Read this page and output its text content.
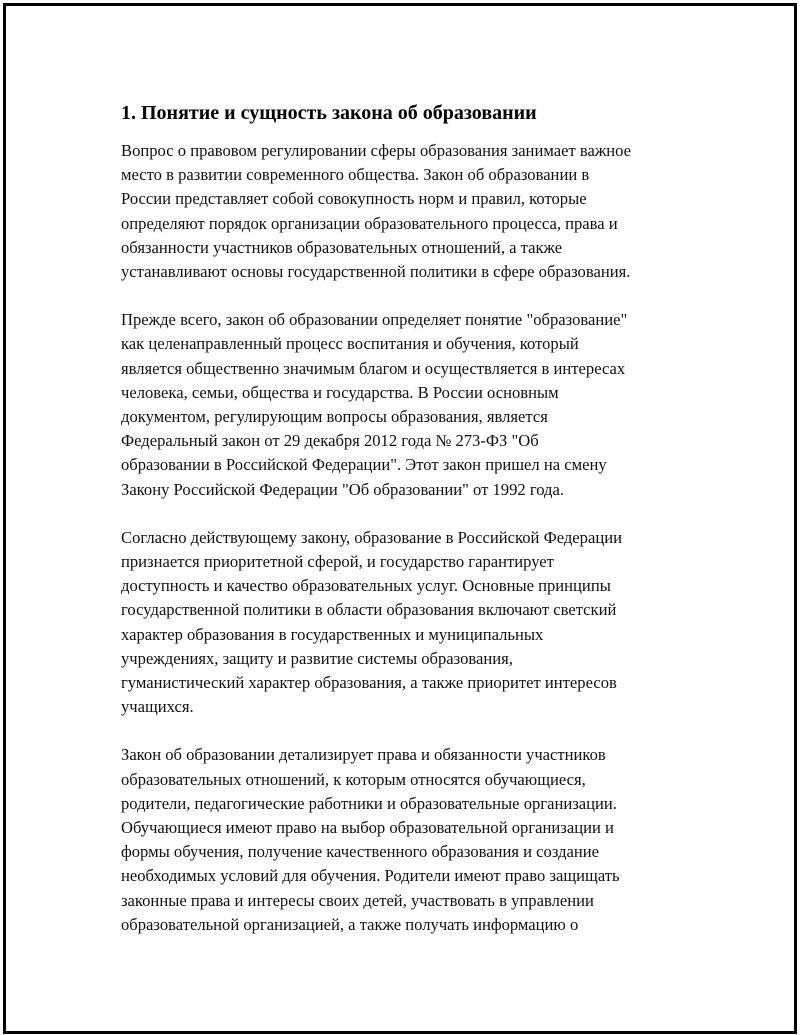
1. Понятие и сущность закона об образовании
Вопрос о правовом регулировании сферы образования занимает важное
место в развитии современного общества. Закон об образовании в
России представляет собой совокупность норм и правил, которые
определяют порядок организации образовательного процесса, права и
обязанности участников образовательных отношений, а также
устанавливают основы государственной политики в сфере образования.
Прежде всего, закон об образовании определяет понятие "образование"
как целенаправленный процесс воспитания и обучения, который
является общественно значимым благом и осуществляется в интересах
человека, семьи, общества и государства. В России основным
документом, регулирующим вопросы образования, является
Федеральный закон от 29 декабря 2012 года № 273-ФЗ "Об
образовании в Российской Федерации". Этот закон пришел на смену
Закону Российской Федерации "Об образовании" от 1992 года.
Согласно действующему закону, образование в Российской Федерации
признается приоритетной сферой, и государство гарантирует
доступность и качество образовательных услуг. Основные принципы
государственной политики в области образования включают светский
характер образования в государственных и муниципальных
учреждениях, защиту и развитие системы образования,
гуманистический характер образования, а также приоритет интересов
учащихся.
Закон об образовании детализирует права и обязанности участников
образовательных отношений, к которым относятся обучающиеся,
родители, педагогические работники и образовательные организации.
Обучающиеся имеют право на выбор образовательной организации и
формы обучения, получение качественного образования и создание
необходимых условий для обучения. Родители имеют право защищать
законные права и интересы своих детей, участвовать в управлении
образовательной организацией, а также получать информацию о
